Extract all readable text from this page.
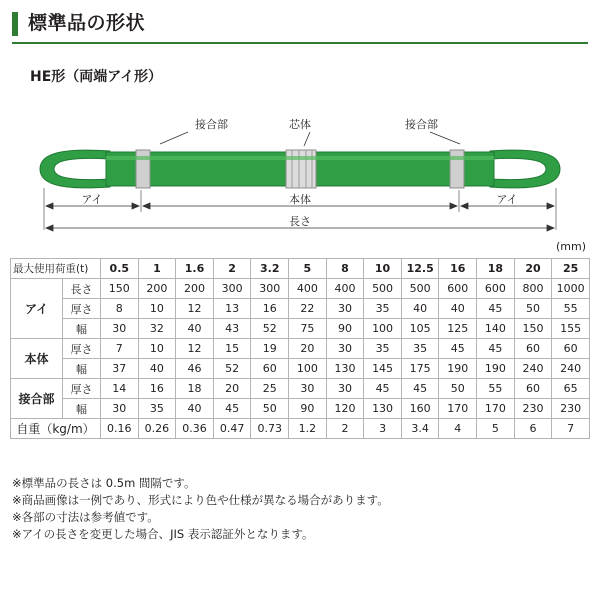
標準品の形状
HE形（両端アイ形）
接合部	芯体	接合部
アイ	本体	アイ
長さ
(mm)
最大使用荷重(t)		0.5	1	1.6	2	3.2	5	8	10	12.5	16	18	20	25
アイ	長さ	150	200	200	300	300	400	400	500	500	600	600	800	1000
	厚さ	8	10	12	13	16	22	30	35	40	40	45	50	55
	幅	30	32	40	43	52	75	90	100	105	125	140	150	155
本体	厚さ	7	10	12	15	19	20	30	35	35	45	45	60	60
	幅	37	40	46	52	60	100	130	145	175	190	190	240	240
接合部	厚さ	14	16	18	20	25	30	30	45	45	50	55	60	65
	幅	30	35	40	45	50	90	120	130	160	170	170	230	230
自重（kg/m）		0.16	0.26	0.36	0.47	0.73	1.2	2	3	3.4	4	5	6	7
※標準品の長さは 0.5m 間隔です。
※商品画像は一例であり、形式により色や仕様が異なる場合があります。
※各部の寸法は参考値です。
※アイの長さを変更した場合、JIS 表示認証外となります。
